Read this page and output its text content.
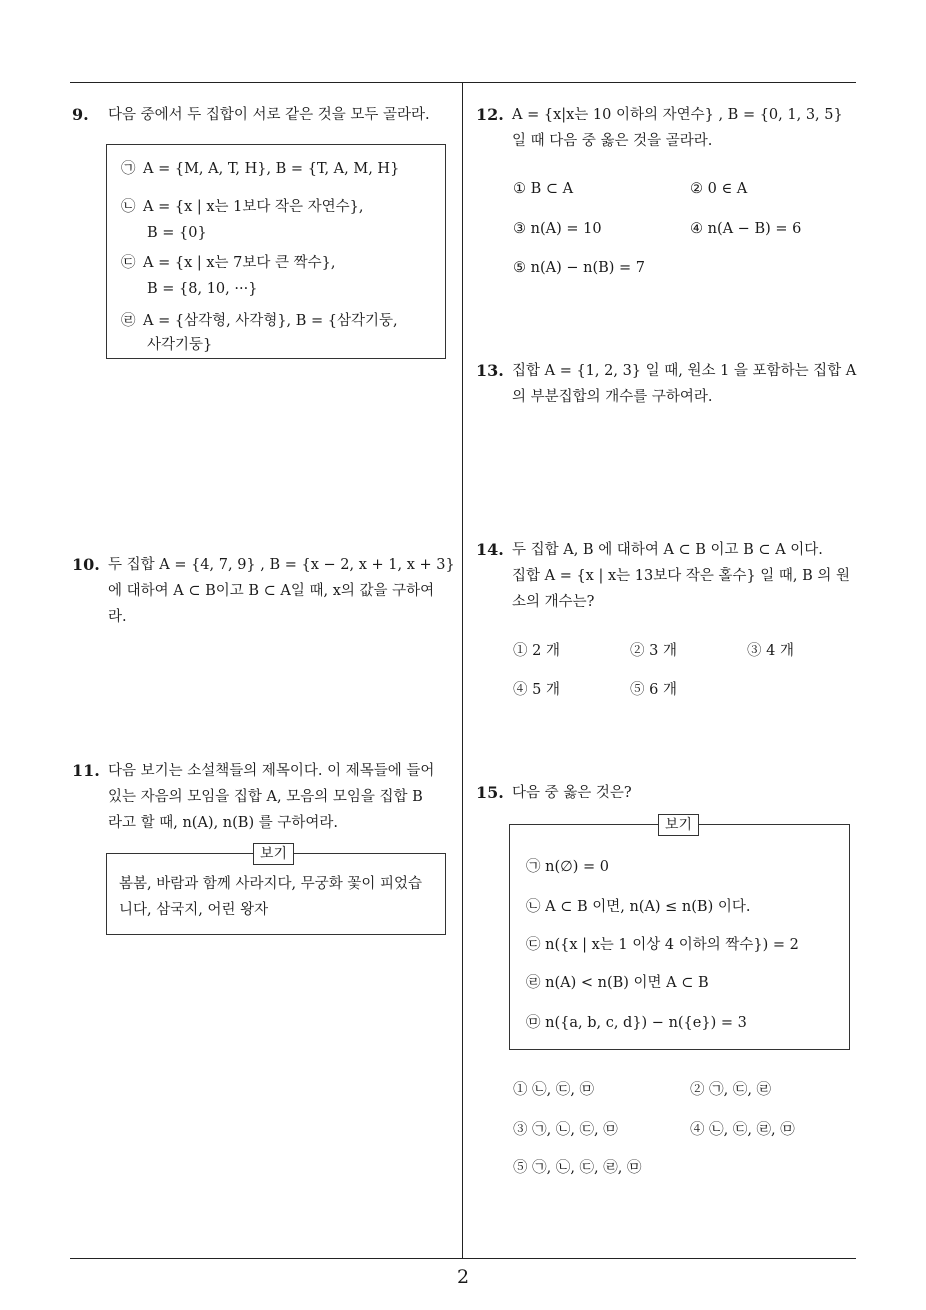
9. 다음 중에서 두 집합이 서로 같은 것을 모두 골라라.
㉠ A = {M, A, T, H}, B = {T, A, M, H}
㉡ A = {x | x는 1보다 작은 자연수},
B = {0}
㉢ A = {x | x는 7보다 큰 짝수},
B = {8, 10, ···}
㉣ A = {삼각형, 사각형}, B = {삼각기둥,
사각기둥}
10. 두 집합 A = {4, 7, 9} , B = {x − 2, x + 1, x + 3}
에 대하여 A ⊂ B이고 B ⊂ A일 때, x의 값을 구하여
라.
11. 다음 보기는 소설책들의 제목이다. 이 제목들에 들어
있는 자음의 모임을 집합 A, 모음의 모임을 집합 B
라고 할 때, n(A), n(B) 를 구하여라.
봄봄, 바람과 함께 사라지다, 무궁화 꽃이 피었습
니다, 삼국지, 어린 왕자
보기
12. A = {x|x는 10 이하의 자연수} , B = {0, 1, 3, 5}
일 때 다음 중 옳은 것을 골라라.
① B ⊂ A	② 0 ∈ A
③ n(A) = 10	④ n(A − B) = 6
⑤ n(A) − n(B) = 7
13. 집합 A = {1, 2, 3} 일 때, 원소 1 을 포함하는 집합 A
의 부분집합의 개수를 구하여라.
14. 두 집합 A, B 에 대하여 A ⊂ B 이고 B ⊂ A 이다.
집합 A = {x | x는 13보다 작은 홀수} 일 때, B 의 원
소의 개수는?
① 2 개	② 3 개	③ 4 개
④ 5 개	⑤ 6 개
15. 다음 중 옳은 것은?
㉠ n(∅) = 0
㉡ A ⊂ B 이면, n(A) ≤ n(B) 이다.
㉢ n({x | x는 1 이상 4 이하의 짝수}) = 2
㉣ n(A) < n(B) 이면 A ⊂ B
㉤ n({a, b, c, d}) − n({e}) = 3
보기
① ㉡, ㉢, ㉤	② ㉠, ㉢, ㉣
③ ㉠, ㉡, ㉢, ㉤	④ ㉡, ㉢, ㉣, ㉤
⑤ ㉠, ㉡, ㉢, ㉣, ㉤
2
